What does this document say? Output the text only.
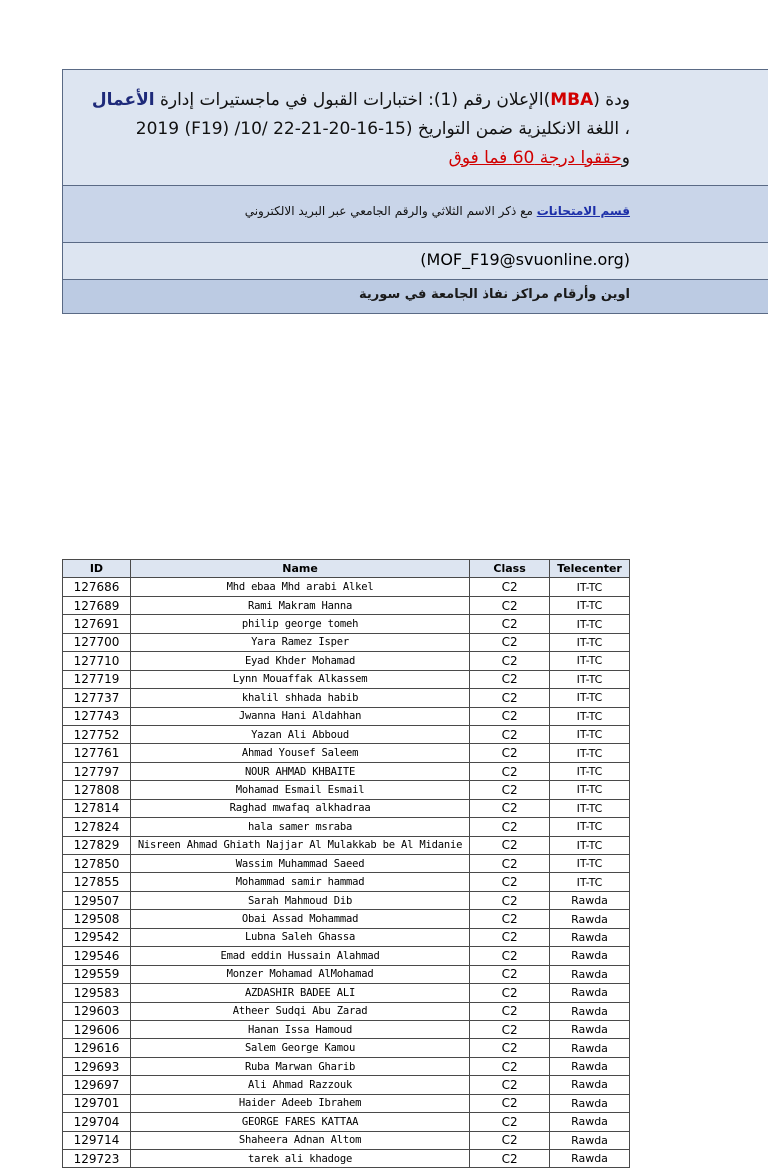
ودة (MBA)الإعلان رقم (1): اختبارات القبول في ماجستيرات إدارة الأعمال
، اللغة الانكليزية ضمن التواريخ (15-16-20-21-22 /10/ (F19) 2019
وحققوا درجة 60 فما فوق
قسم الامتحانات مع ذكر الاسم الثلاثي والرقم الجامعي عبر البريد الالكتروني
(MOF_F19@svuonline.org)
اوين وأرقام مراكز نفاذ الجامعة في سورية
ID	Name	Class	Telecenter
127686	Mhd ebaa Mhd arabi Alkel	C2	IT-TC
127689	Rami Makram Hanna	C2	IT-TC
127691	philip george tomeh	C2	IT-TC
127700	Yara Ramez Isper	C2	IT-TC
127710	Eyad Khder Mohamad	C2	IT-TC
127719	Lynn Mouaffak Alkassem	C2	IT-TC
127737	khalil shhada habib	C2	IT-TC
127743	Jwanna Hani Aldahhan	C2	IT-TC
127752	Yazan Ali Abboud	C2	IT-TC
127761	Ahmad Yousef Saleem	C2	IT-TC
127797	NOUR AHMAD KHBAITE	C2	IT-TC
127808	Mohamad Esmail Esmail	C2	IT-TC
127814	Raghad mwafaq alkhadraa	C2	IT-TC
127824	hala samer msraba	C2	IT-TC
127829	Nisreen Ahmad Ghiath Najjar Al Mulakkab be Al Midanie	C2	IT-TC
127850	Wassim Muhammad Saeed	C2	IT-TC
127855	Mohammad samir hammad	C2	IT-TC
129507	Sarah Mahmoud Dib	C2	Rawda
129508	Obai Assad Mohammad	C2	Rawda
129542	Lubna Saleh Ghassa	C2	Rawda
129546	Emad eddin Hussain Alahmad	C2	Rawda
129559	Monzer Mohamad AlMohamad	C2	Rawda
129583	AZDASHIR BADEE ALI	C2	Rawda
129603	Atheer Sudqi Abu Zarad	C2	Rawda
129606	Hanan Issa Hamoud	C2	Rawda
129616	Salem George Kamou	C2	Rawda
129693	Ruba Marwan Gharib	C2	Rawda
129697	Ali Ahmad Razzouk	C2	Rawda
129701	Haider Adeeb Ibrahem	C2	Rawda
129704	GEORGE FARES KATTAA	C2	Rawda
129714	Shaheera Adnan Altom	C2	Rawda
129723	tarek ali khadoge	C2	Rawda
